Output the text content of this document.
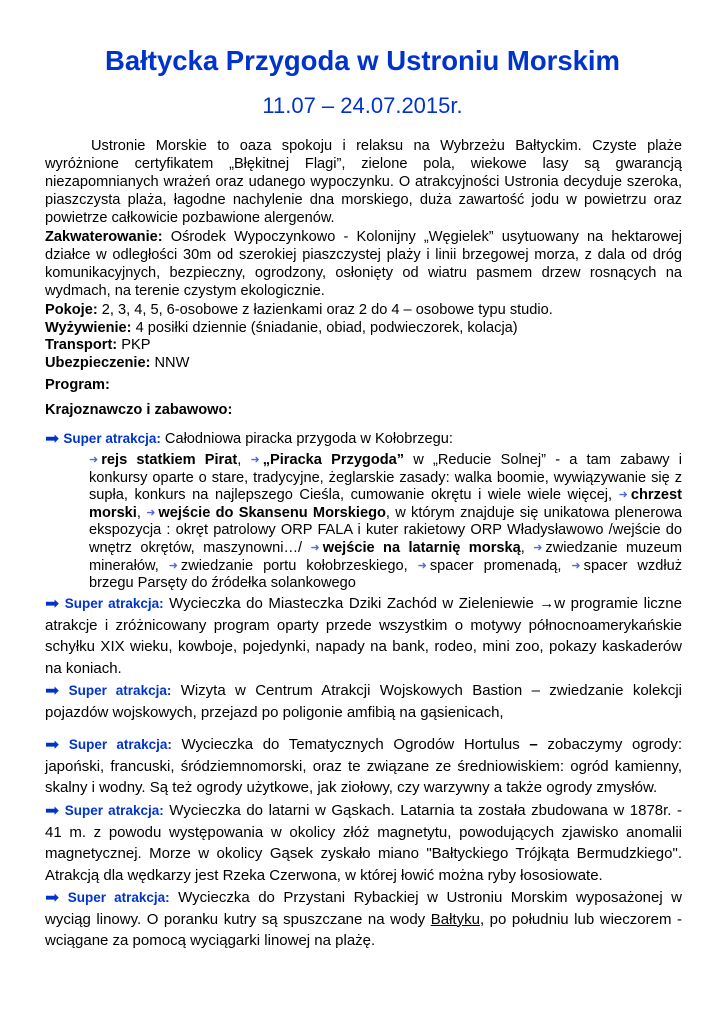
Bałtycka Przygoda w Ustroniu Morskim
11.07 – 24.07.2015r.

Ustronie Morskie to oaza spokoju i relaksu na Wybrzeżu Bałtyckim. Czyste plaże wyróżnione certyfikatem „Błękitnej Flagi”, zielone pola, wiekowe lasy są gwarancją niezapomnianych wrażeń oraz udanego wypoczynku. O atrakcyjności Ustronia decyduje szeroka, piaszczysta plaża, łagodne nachylenie dna morskiego, duża zawartość jodu w powietrzu oraz powietrze całkowicie pozbawione alergenów.

Zakwaterowanie: Ośrodek Wypoczynkowo - Kolonijny „Węgielek” usytuowany na hektarowej działce w odległości 30m od szerokiej piaszczystej plaży i linii brzegowej morza, z dala od dróg komunikacyjnych, bezpieczny, ogrodzony, osłonięty od wiatru pasmem drzew rosnących na wydmach, na terenie czystym ekologicznie.

Pokoje: 2, 3, 4, 5, 6-osobowe z łazienkami oraz 2 do 4 – osobowe typu studio.
Wyżywienie: 4 posiłki dziennie (śniadanie, obiad, podwieczorek, kolacja)
Transport: PKP
Ubezpieczenie: NNW
Program:
Krajoznawczo i zabawowo:
➡ Super atrakcja: Całodniowa piracka przygoda w Kołobrzegu:

➜ rejs statkiem Pirat, ➜ „Piracka Przygoda” w „Reducie Solnej” - a tam zabawy i konkursy oparte o stare, tradycyjne, żeglarskie zasady: walka boomie, wywiązywanie się z supła, konkurs na najlepszego Cieśla, cumowanie okrętu i wiele wiele więcej, ➜ chrzest morski, ➜ wejście do Skansenu Morskiego, w którym znajduje się unikatowa plenerowa ekspozycja : okręt patrolowy ORP FALA i kuter rakietowy ORP Władysławowo /wejście do wnętrz okrętów, maszynowni…/ ➜ wejście na latarnię morską, ➜ zwiedzanie muzeum minerałów, ➜ zwiedzanie portu kołobrzeskiego, ➜ spacer promenadą, ➜ spacer wzdłuż brzegu Parsęty do źródełka solankowego

➡ Super atrakcja: Wycieczka do Miasteczka Dziki Zachód w Zieleniewie →w programie liczne atrakcje i zróżnicowany program oparty przede wszystkim o motywy północnoamerykańskie schyłku XIX wieku, kowboje, pojedynki, napady na bank, rodeo, mini zoo, pokazy kaskaderów na koniach.

➡ Super atrakcja: Wizyta w Centrum Atrakcji Wojskowych Bastion – zwiedzanie kolekcji pojazdów wojskowych, przejazd po poligonie amfibią na gąsienicach,

➡ Super atrakcja: Wycieczka do Tematycznych Ogrodów Hortulus – zobaczymy ogrody: japoński, francuski, śródziemnomorski, oraz te związane ze średniowiskiem: ogród kamienny, skalny i wodny. Są też ogrody użytkowe, jak ziołowy, czy warzywny a także ogrody zmysłów.

➡ Super atrakcja: Wycieczka do latarni w Gąskach. Latarnia ta została zbudowana w 1878r. - 41 m. z powodu występowania w okolicy złóż magnetytu, powodujących zjawisko anomalii magnetycznej. Morze w okolicy Gąsek zyskało miano "Bałtyckiego Trójkąta Bermudzkiego". Atrakcją dla wędkarzy jest Rzeka Czerwona, w której łowić można ryby łososiowate.

➡ Super atrakcja: Wycieczka do Przystani Rybackiej w Ustroniu Morskim wyposażonej w wyciąg linowy. O poranku kutry są spuszczane na wody Bałtyku, po południu lub wieczorem - wciągane za pomocą wyciągarki linowej na plażę.
